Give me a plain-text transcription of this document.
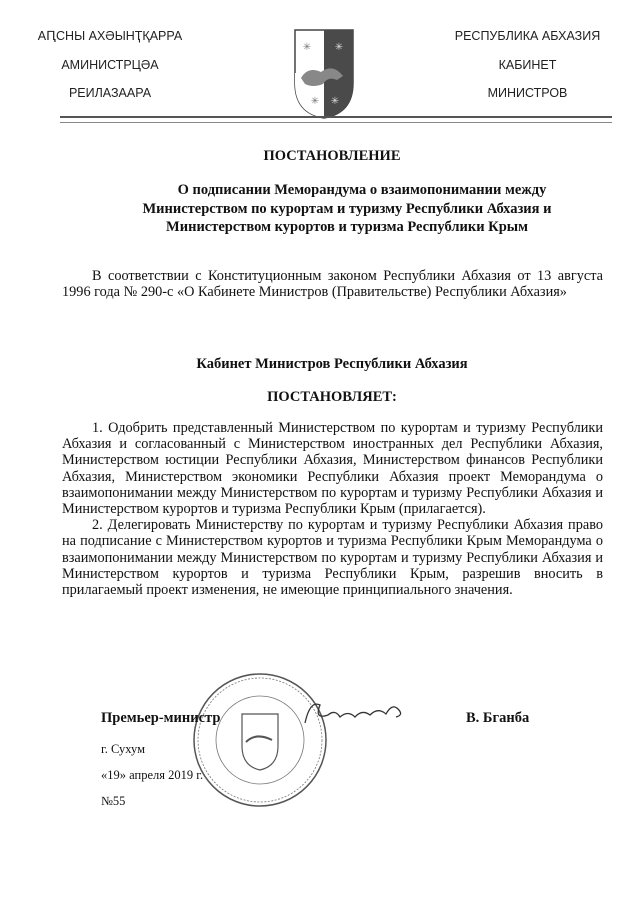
АԤСНЫ АХӘЫНҬҚАРРА
АМИНИСТРЦӘА
РЕИЛАЗААРА
✳ ✳
✳ ✳
РЕСПУБЛИКА АБХАЗИЯ
КАБИНЕТ
МИНИСТРОВ
ПОСТАНОВЛЕНИЕ
О подписании Меморандума о взаимопонимании между
Министерством по курортам и туризму Республики Абхазия и
Министерством курортов и туризма Республики Крым

В соответствии с Конституционным законом Республики Абхазия от 13 августа 1996 года № 290-с «О Кабинете Министров (Правительстве) Республики Абхазия»

Кабинет Министров Республики Абхазия
ПОСТАНОВЛЯЕТ:

1. Одобрить представленный Министерством по курортам и туризму Республики Абхазия и согласованный с Министерством иностранных дел Республики Абхазия, Министерством юстиции Республики Абхазия, Министерством финансов Республики Абхазия, Министерством экономики Республики Абхазия проект Меморандума о взаимопонимании между Министерством по курортам и туризму Республики Абхазия и Министерством курортов и туризма Республики Крым (прилагается).

2. Делегировать Министерству по курортам и туризму Республики Абхазия право на подписание с Министерством курортов и туризма Республики Крым Меморандума о взаимопонимании между Министерством по курортам и туризму Республики Абхазия и Министерством курортов и туризма Республики Крым, разрешив вносить в прилагаемый проект изменения, не имеющие принципиального значения.

Премьер-министр	В. Бганба
г. Сухум
«19» апреля 2019 г.
№55
